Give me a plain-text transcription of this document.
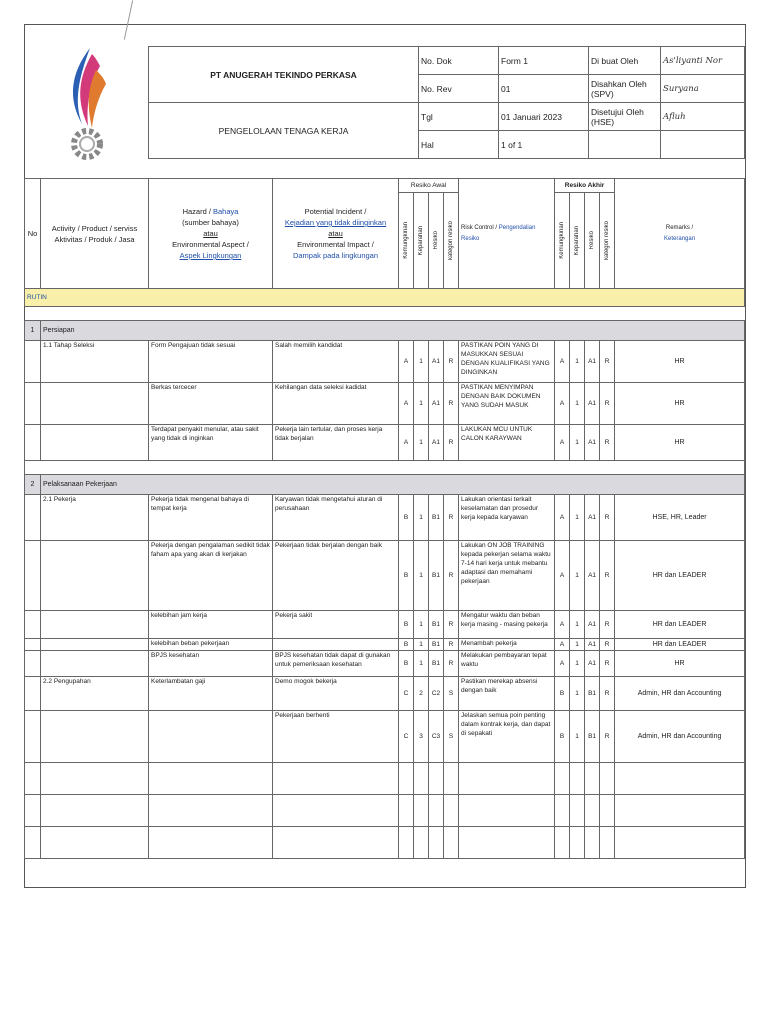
PT ANUGERAH TEKINDO PERKASA	No. Dok	Form 1	Di buat Oleh	As'liyanti Nor
	No. Rev	01	Disahkan Oleh (SPV)	Suryana
PENGELOLAAN TENAGA KERJA	Tgl	01 Januari 2023	Disetujui Oleh (HSE)	Afluh
	Hal	1 of 1		
No	Activity / Product / serviss Aktivitas / Produk / Jasa	Hazard / Bahaya
(sumber bahaya)
atau
Environmental Aspect /
Aspek Lingkungan	Potential Incident /
Kejadian yang tidak diinginkan
atau
Environmental Impact /
Dampak pada lingkungan	Resiko Awal				Risk Control / Pengendalian Resiko	Resiko Akhir				Remarks /
Keterangan

				Kemungkinan	Keparahan	Resiko	kategori resiko		Kemungkinan	Keparahan	Resiko	kategori resiko	

RUTIN													

1	Persiapan												
	1.1 Tahap Seleksi	Form Pengajuan tidak sesuai	Salah memilih kandidat	A	1	A1	R	PASTIKAN POIN YANG DI MASUKKAN SESUAI DENGAN KUALIFIKASI YANG DINGINKAN	A	1	A1	R	HR
		Berkas tercecer	Kehilangan data seleksi kadidat	A	1	A1	R	PASTIKAN MENYIMPAN DENGAN BAIK DOKUMEN YANG SUDAH MASUK	A	1	A1	R	HR
		Terdapat penyakit menular, atau sakit yang tidak di inginkan	Pekerja lain tertular, dan proses kerja tidak berjalan	A	1	A1	R	LAKUKAN MCU UNTUK CALON KARAYWAN	A	1	A1	R	HR

2	Pelaksanaan Pekerjaan												
	2.1 Pekerja	Pekerja tidak mengenal bahaya di tempat kerja	Karyawan tidak mengetahui aturan di perusahaan	B	1	B1	R	Lakukan orientasi terkait keselamatan dan prosedur kerja kepada karyawan	A	1	A1	R	HSE, HR, Leader
		Pekerja dengan pengalaman sedikit tidak faham apa yang akan di kerjakan	Pekerjaan tidak berjalan dengan baik	B	1	B1	R	Lakukan ON JOB TRAINING kepada pekerjan selama waktu 7-14 hari kerja untuk mebantu adaptasi dan memahami pekerjaan	A	1	A1	R	HR dan LEADER
		kelebihan jam kerja	Pekerja sakit	B	1	B1	R	Mengatur waktu dan beban kerja masing - masing pekerja	A	1	A1	R	HR dan LEADER
		kelebihan beban pekerjaan		B	1	B1	R	Menambah pekerja	A	1	A1	R	HR dan LEADER
		BPJS kesehatan	BPJS kesehatan tidak dapat di gunakan untuk pemeriksaan kesehatan	B	1	B1	R	Melakukan pembayaran tepat waktu	A	1	A1	R	HR
	2.2 Pengupahan	Keterlambatan gaji	Demo mogok bekerja	C	2	C2	S	Pastikan merekap absensi dengan baik	B	1	B1	R	Admin, HR dan Accounting
			Pekerjaan berhenti	C	3	C3	S	Jelaskan semua poin penting dalam kontrak kerja, dan dapat di sepakati	B	1	B1	R	Admin, HR dan Accounting
